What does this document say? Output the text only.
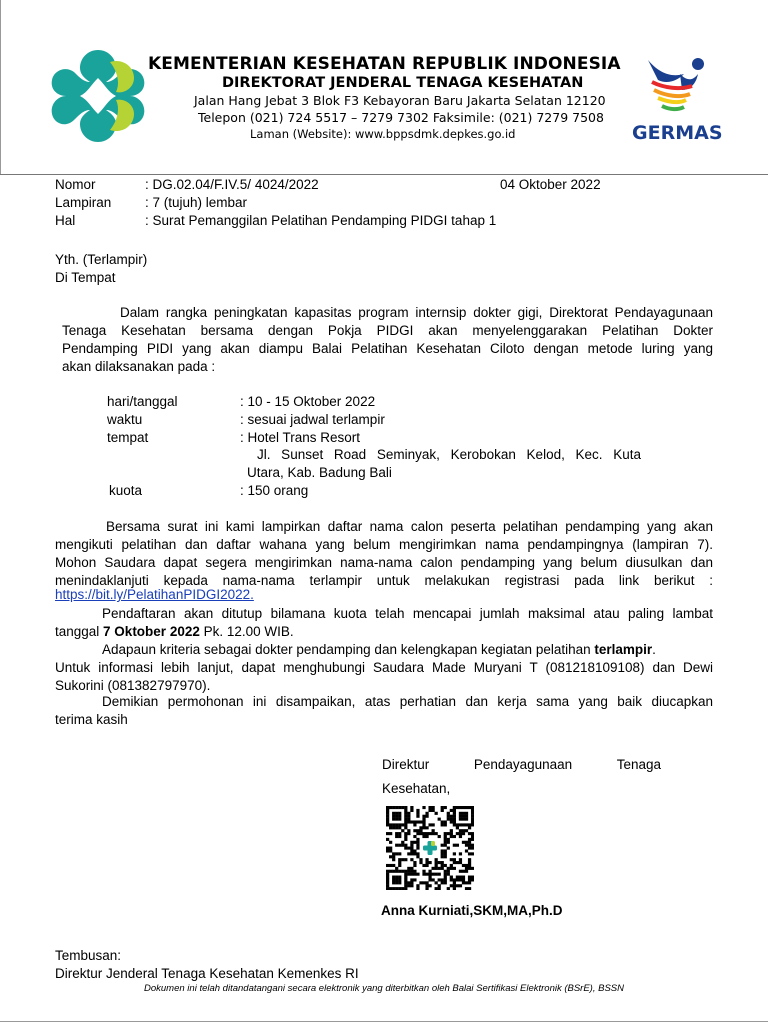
KEMENTERIAN KESEHATAN REPUBLIK INDONESIA
DIREKTORAT JENDERAL TENAGA KESEHATAN
Jalan Hang Jebat 3 Blok F3 Kebayoran Baru Jakarta Selatan 12120
Telepon (021) 724 5517 – 7279 7302 Faksimile: (021) 7279 7508
Laman (Website): www.bppsdmk.depkes.go.id	GERMAS
Nomor	: DG.02.04/F.IV.5/ 4024/2022	04 Oktober 2022
Lampiran : 7 (tujuh) lembar
Hal	: Surat Pemanggilan Pelatihan Pendamping PIDGI tahap 1
Yth. (Terlampir)
Di Tempat
Dalam rangka peningkatan kapasitas program internsip dokter gigi, Direktorat Pendayagunaan
Tenaga Kesehatan bersama dengan Pokja PIDGI akan menyelenggarakan Pelatihan Dokter
Pendamping PIDI yang akan diampu Balai Pelatihan Kesehatan Ciloto dengan metode luring yang
akan dilaksanakan pada :
hari/tanggal	: 10 - 15 Oktober 2022
waktu	: sesuai jadwal terlampir
tempat	: Hotel Trans Resort
Jl. Sunset Road Seminyak, Kerobokan Kelod, Kec. Kuta
Utara, Kab. Badung Bali
kuota	: 150 orang
Bersama surat ini kami lampirkan daftar nama calon peserta pelatihan pendamping yang akan
mengikuti pelatihan dan daftar wahana yang belum mengirimkan nama pendampingnya (lampiran 7).
Mohon Saudara dapat segera mengirimkan nama-nama calon pendamping yang belum diusulkan dan
menindaklanjuti kepada nama-nama terlampir untuk melakukan registrasi pada link berikut :
https://bit.ly/PelatihanPIDGI2022.
Pendaftaran akan ditutup bilamana kuota telah mencapai jumlah maksimal atau paling lambat
tanggal 7 Oktober 2022 Pk. 12.00 WIB.
Adapaun kriteria sebagai dokter pendamping dan kelengkapan kegiatan pelatihan terlampir.
Untuk informasi lebih lanjut, dapat menghubungi Saudara Made Muryani T (081218109108) dan Dewi
Sukorini (081382797970).
Demikian permohonan ini disampaikan, atas perhatian dan kerja sama yang baik diucapkan
terima kasih
Direktur	Pendayagunaan	Tenaga
Kesehatan,
Anna Kurniati,SKM,MA,Ph.D
Tembusan:
Direktur Jenderal Tenaga Kesehatan Kemenkes RI
Dokumen ini telah ditandatangani secara elektronik yang diterbitkan oleh Balai Sertifikasi Elektronik (BSrE), BSSN
